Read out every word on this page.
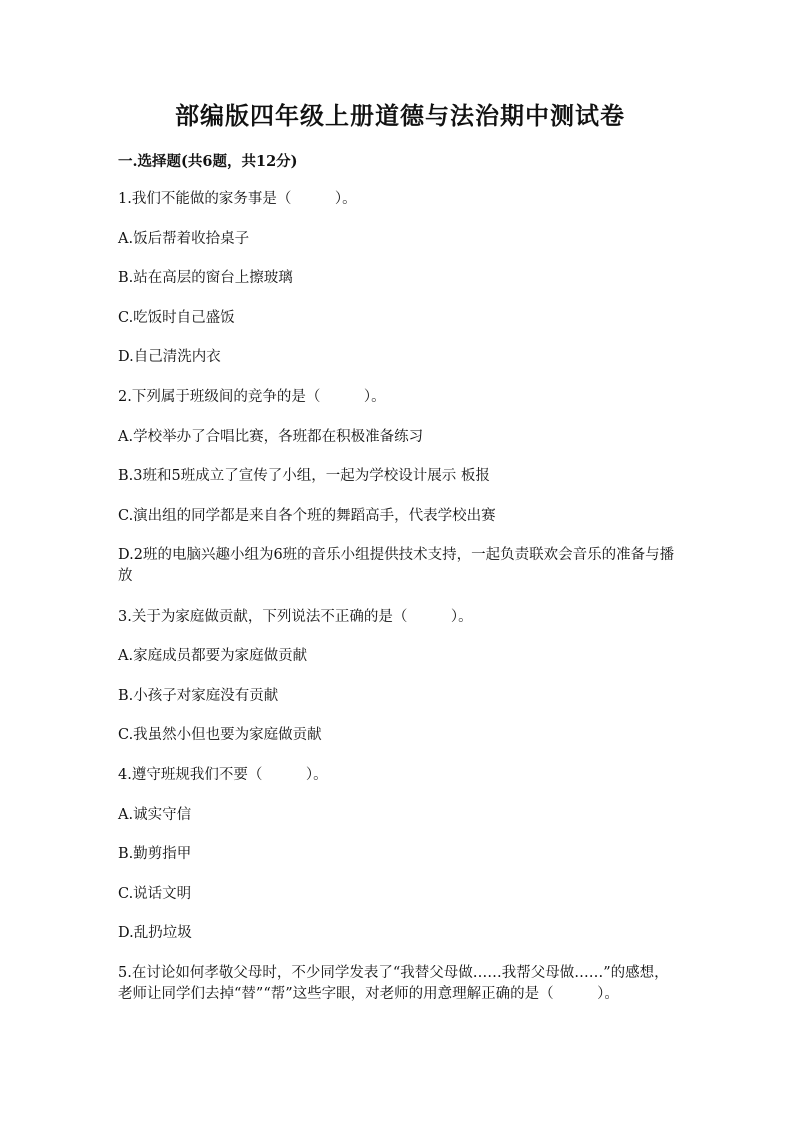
部编版四年级上册道德与法治期中测试卷

一.选择题(共6题，共12分)

1.我们不能做的家务事是（　　　）。

A.饭后帮着收拾桌子

B.站在高层的窗台上擦玻璃

C.吃饭时自己盛饭

D.自己清洗内衣

2.下列属于班级间的竞争的是（　　　）。

A.学校举办了合唱比赛，各班都在积极准备练习

B.3班和5班成立了宣传了小组，一起为学校设计展示 板报

C.演出组的同学都是来自各个班的舞蹈高手，代表学校出赛

D.2班的电脑兴趣小组为6班的音乐小组提供技术支持，一起负责联欢会音乐的准备与播放

3.关于为家庭做贡献，下列说法不正确的是（　　　）。

A.家庭成员都要为家庭做贡献

B.小孩子对家庭没有贡献

C.我虽然小但也要为家庭做贡献

4.遵守班规我们不要（　　　）。

A.诚实守信

B.勤剪指甲

C.说话文明

D.乱扔垃圾

5.在讨论如何孝敬父母时，不少同学发表了“我替父母做……我帮父母做……”的感想，老师让同学们去掉“替”“帮”这些字眼，对老师的用意理解正确的是（　　　）。
